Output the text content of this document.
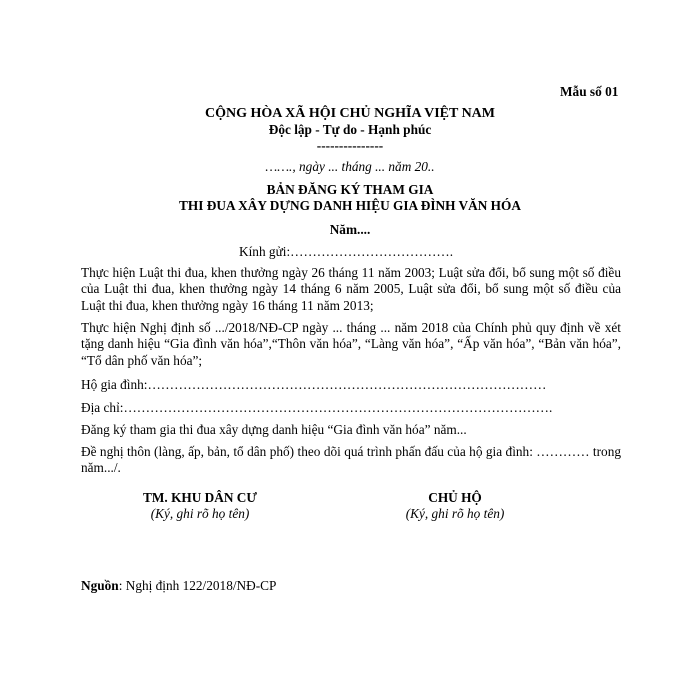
Mẫu số 01
CỘNG HÒA XÃ HỘI CHỦ NGHĨA VIỆT NAM
Độc lập - Tự do - Hạnh phúc
---------------
……., ngày ... tháng ... năm 20..
BẢN ĐĂNG KÝ THAM GIA
THI ĐUA XÂY DỰNG DANH HIỆU GIA ĐÌNH VĂN HÓA
Năm....
Kính gửi:……………………………….
Thực hiện Luật thi đua, khen thưởng ngày 26 tháng 11 năm 2003; Luật sửa đổi, bổ sung một số điều của Luật thi đua, khen thưởng ngày 14 tháng 6 năm 2005, Luật sửa đổi, bổ sung một số điều của Luật thi đua, khen thưởng ngày 16 tháng 11 năm 2013;
Thực hiện Nghị định số .../2018/NĐ-CP ngày ... tháng ... năm 2018 của Chính phủ quy định về xét tặng danh hiệu “Gia đình văn hóa”,“Thôn văn hóa”, “Làng văn hóa”, “Ấp văn hóa”, “Bản văn hóa”, “Tổ dân phố văn hóa”;
Hộ gia đình:………………………………………………………………………………
Địa chỉ:…………………………………………………………………………………….
Đăng ký tham gia thi đua xây dựng danh hiệu “Gia đình văn hóa” năm...
Đề nghị thôn (làng, ấp, bản, tổ dân phố) theo dõi quá trình phấn đấu của hộ gia đình: ………… trong năm.../.
TM. KHU DÂN CƯ
(Ký, ghi rõ họ tên)
CHỦ HỘ
(Ký, ghi rõ họ tên)
Nguồn: Nghị định 122/2018/NĐ-CP
